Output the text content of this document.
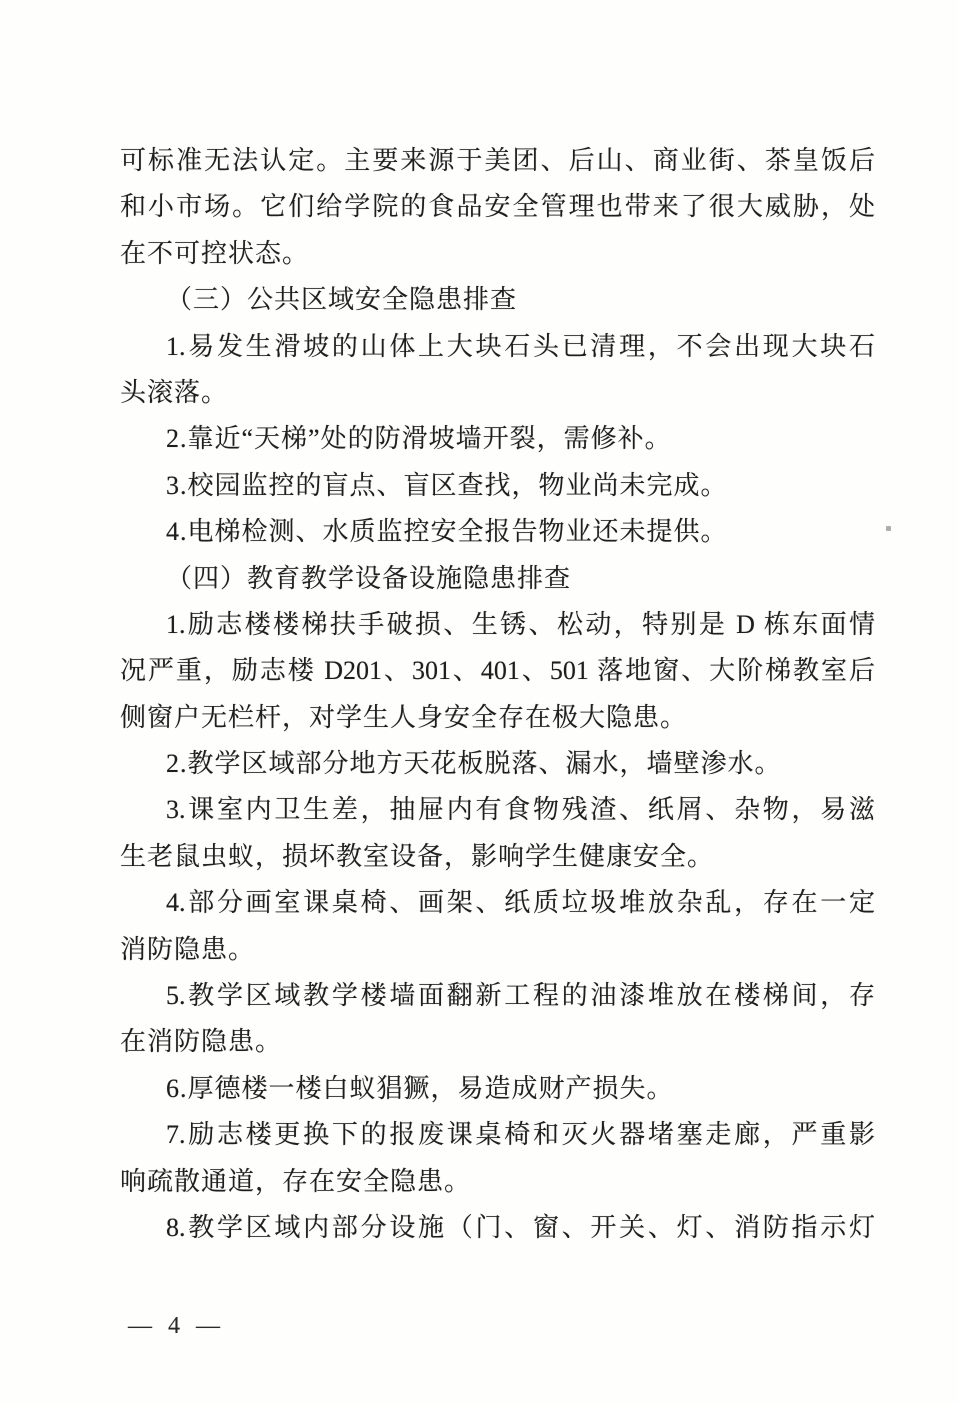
可标准无法认定。主要来源于美团、后山、商业街、茶皇饭后
和小市场。它们给学院的食品安全管理也带来了很大威胁，处
在不可控状态。
（三）公共区域安全隐患排查
1.易发生滑坡的山体上大块石头已清理，不会出现大块石
头滚落。
2.靠近“天梯”处的防滑坡墙开裂，需修补。
3.校园监控的盲点、盲区查找，物业尚未完成。
4.电梯检测、水质监控安全报告物业还未提供。
（四）教育教学设备设施隐患排查
1.励志楼楼梯扶手破损、生锈、松动，特别是 D 栋东面情
况严重，励志楼 D201、301、401、501 落地窗、大阶梯教室后
侧窗户无栏杆，对学生人身安全存在极大隐患。
2.教学区域部分地方天花板脱落、漏水，墙壁渗水。
3.课室内卫生差，抽屉内有食物残渣、纸屑、杂物，易滋
生老鼠虫蚁，损坏教室设备，影响学生健康安全。
4.部分画室课桌椅、画架、纸质垃圾堆放杂乱，存在一定
消防隐患。
5.教学区域教学楼墙面翻新工程的油漆堆放在楼梯间，存
在消防隐患。
6.厚德楼一楼白蚁猖獗，易造成财产损失。
7.励志楼更换下的报废课桌椅和灭火器堵塞走廊，严重影
响疏散通道，存在安全隐患。
8.教学区域内部分设施（门、窗、开关、灯、消防指示灯
— 4 —
